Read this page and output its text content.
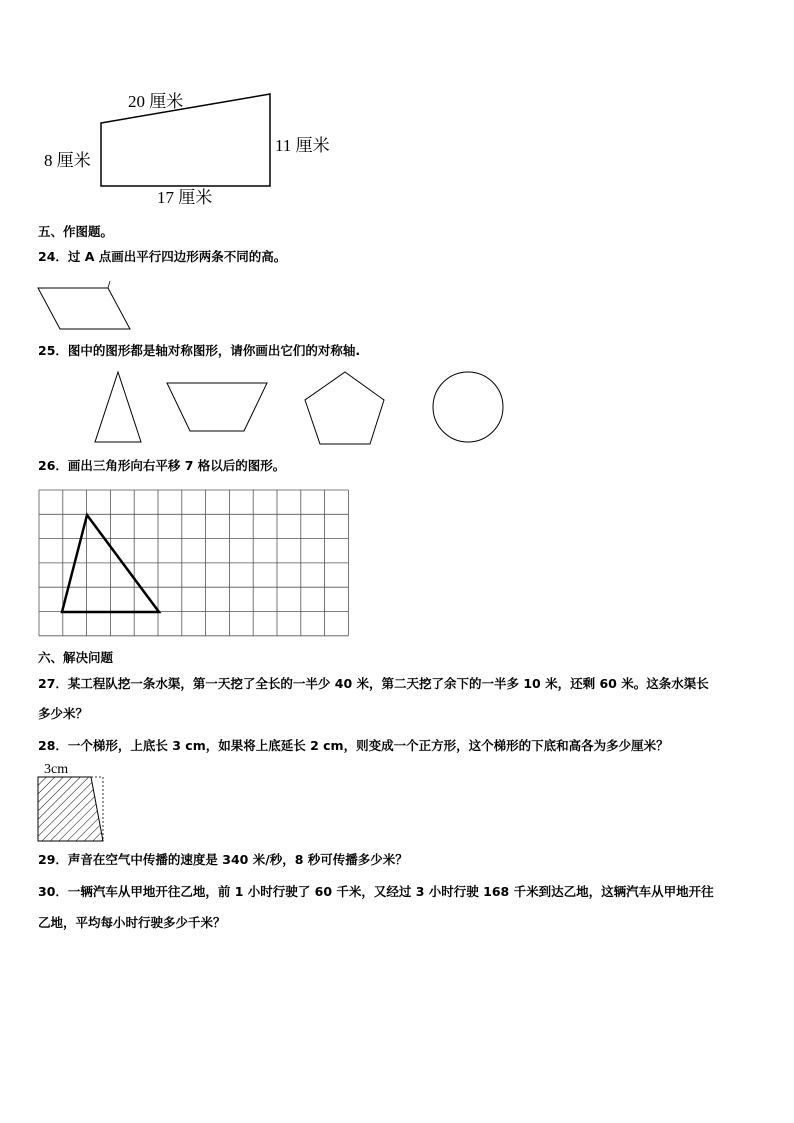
20 厘米
8 厘米
11 厘米
17 厘米
五、作图题。
24．过 A 点画出平行四边形两条不同的高。
25．图中的图形都是轴对称图形，请你画出它们的对称轴.
26．画出三角形向右平移 7 格以后的图形。
六、解决问题
27．某工程队挖一条水渠，第一天挖了全长的一半少 40 米，第二天挖了余下的一半多 10 米，还剩 60 米。这条水渠长
多少米？
28．一个梯形，上底长 3 cm，如果将上底延长 2 cm，则变成一个正方形，这个梯形的下底和高各为多少厘米？
3cm
29．声音在空气中传播的速度是 340 米/秒，8 秒可传播多少米？
30．一辆汽车从甲地开往乙地，前 1 小时行驶了 60 千米，又经过 3 小时行驶 168 千米到达乙地，这辆汽车从甲地开往
乙地，平均每小时行驶多少千米？
